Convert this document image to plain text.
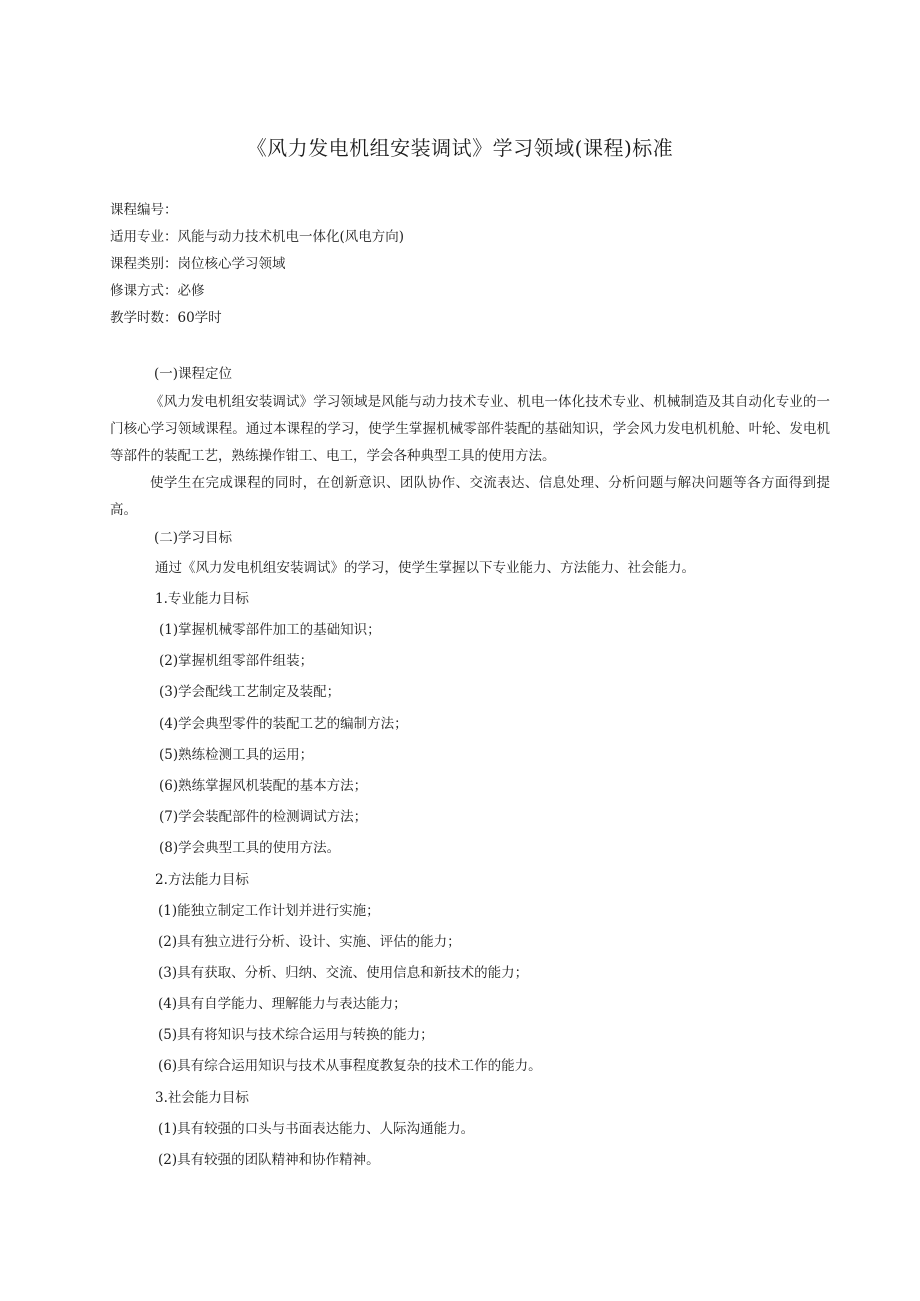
《风力发电机组安装调试》学习领域(课程)标准
课程编号：
适用专业：风能与动力技术机电一体化(风电方向)
课程类别：岗位核心学习领域
修课方式：必修
教学时数：60学时
(一)课程定位

《风力发电机组安装调试》学习领域是风能与动力技术专业、机电一体化技术专业、机械制造及其自动化专业的一门核心学习领域课程。通过本课程的学习，使学生掌握机械零部件装配的基础知识，学会风力发电机机舱、叶轮、发电机等部件的装配工艺，熟练操作钳工、电工，学会各种典型工具的使用方法。

使学生在完成课程的同时，在创新意识、团队协作、交流表达、信息处理、分析问题与解决问题等各方面得到提高。

(二)学习目标
通过《风力发电机组安装调试》的学习，使学生掌握以下专业能力、方法能力、社会能力。
1.专业能力目标
(1)掌握机械零部件加工的基础知识；
(2)掌握机组零部件组装；
(3)学会配线工艺制定及装配；
(4)学会典型零件的装配工艺的编制方法；
(5)熟练检测工具的运用；
(6)熟练掌握风机装配的基本方法；
(7)学会装配部件的检测调试方法；
(8)学会典型工具的使用方法。
2.方法能力目标
(1)能独立制定工作计划并进行实施；
(2)具有独立进行分析、设计、实施、评估的能力；
(3)具有获取、分析、归纳、交流、使用信息和新技术的能力；
(4)具有自学能力、理解能力与表达能力；
(5)具有将知识与技术综合运用与转换的能力；
(6)具有综合运用知识与技术从事程度教复杂的技术工作的能力。
3.社会能力目标
(1)具有较强的口头与书面表达能力、人际沟通能力。
(2)具有较强的团队精神和协作精神。
